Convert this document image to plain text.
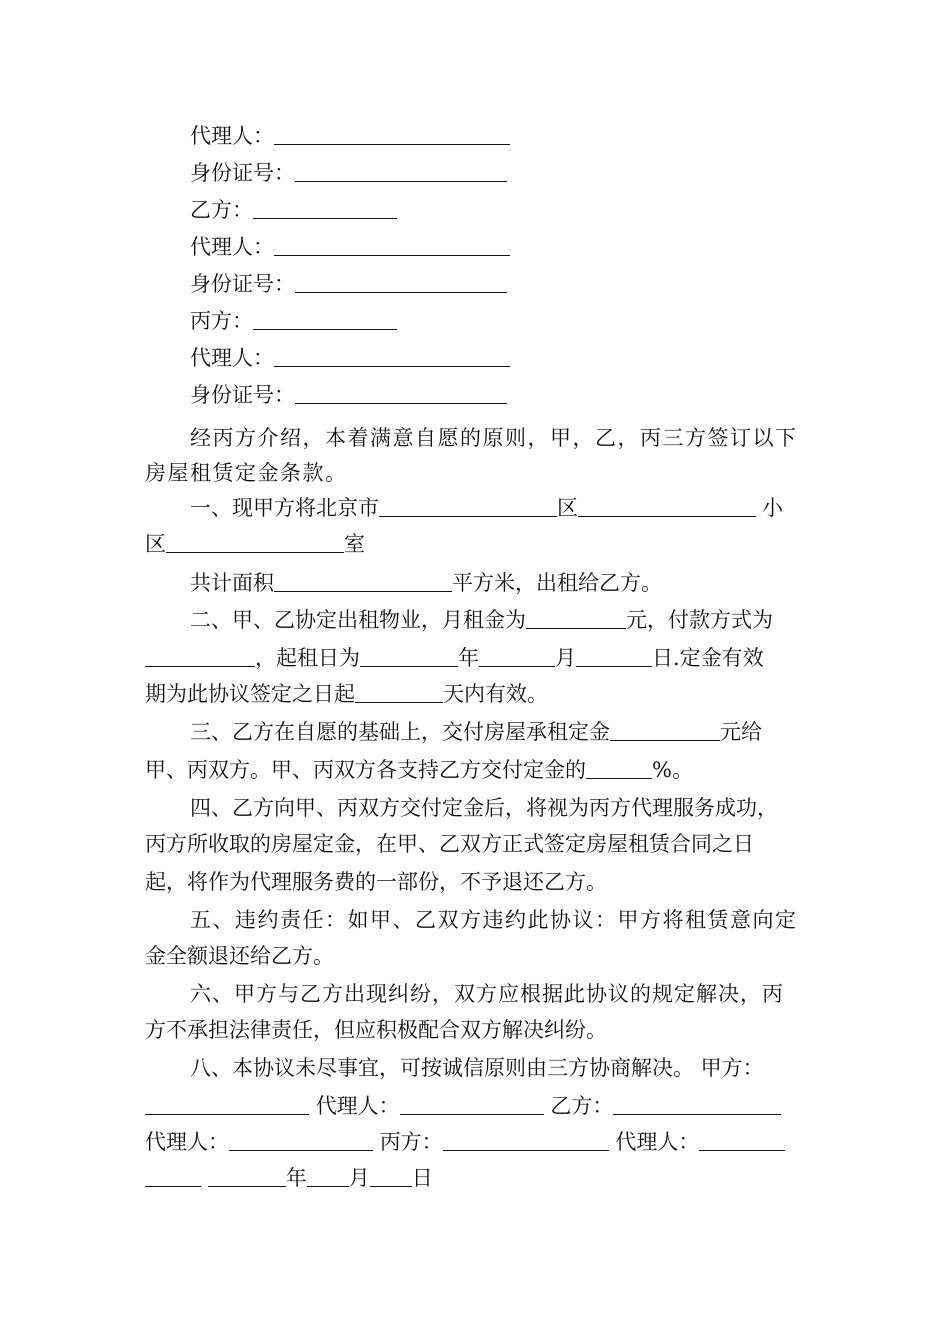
代理人：
身份证号：
乙方：
代理人：
身份证号：
丙方：
代理人：
身份证号：
经丙方介绍，本着满意自愿的原则，甲，乙，丙三方签订以下
房屋租赁定金条款。
一、现甲方将北京市	区	小
区	室
共计面积	平方米，出租给乙方。
二、甲、乙协定出租物业，月租金为	元，付款方式为
，起租日为	年	月	日.定金有效
期为此协议签定之日起	天内有效。
三、乙方在自愿的基础上，交付房屋承租定金	元给
甲、丙双方。甲、丙双方各支持乙方交付定金的	%。
四、乙方向甲、丙双方交付定金后，将视为丙方代理服务成功，
丙方所收取的房屋定金，在甲、乙双方正式签定房屋租赁合同之日
起，将作为代理服务费的一部份，不予退还乙方。
五、违约责任：如甲、乙双方违约此协议：甲方将租赁意向定
金全额退还给乙方。
六、甲方与乙方出现纠纷，双方应根据此协议的规定解决，丙
方不承担法律责任，但应积极配合双方解决纠纷。
八、本协议未尽事宜，可按诚信原则由三方协商解决。 甲方：
代理人：	乙方：
代理人：	丙方：	代理人：
年 月 日
